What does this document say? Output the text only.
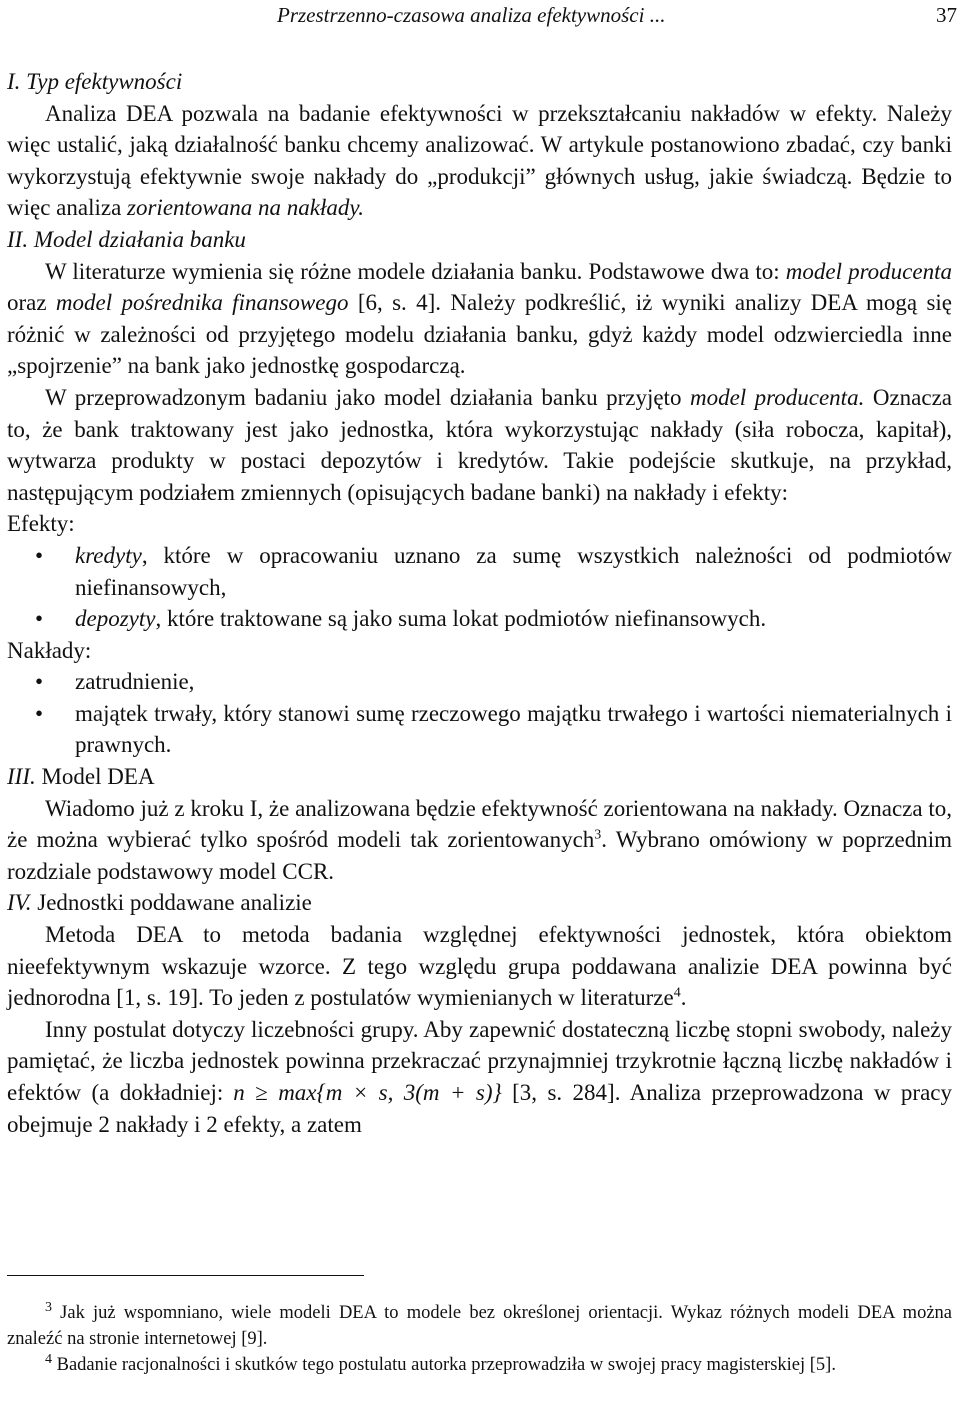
Przestrzenno-czasowa analiza efektywności ...	37

I. Typ efektywności

Analiza DEA pozwala na badanie efektywności w przekształcaniu nakładów w efekty. Należy więc ustalić, jaką działalność banku chcemy analizować. W artykule postanowiono zbadać, czy banki wykorzystują efektywnie swoje nakłady do „produkcji” głównych usług, jakie świadczą. Będzie to więc analiza zorientowana na nakłady.

II. Model działania banku

W literaturze wymienia się różne modele działania banku. Podstawowe dwa to: model producenta oraz model pośrednika finansowego [6, s. 4]. Należy podkreślić, iż wyniki analizy DEA mogą się różnić w zależności od przyjętego modelu działania banku, gdyż każdy model odzwierciedla inne „spojrzenie” na bank jako jednostkę gospodarczą.

W przeprowadzonym badaniu jako model działania banku przyjęto model producenta. Oznacza to, że bank traktowany jest jako jednostka, która wykorzystując nakłady (siła robocza, kapitał), wytwarza produkty w postaci depozytów i kredytów. Takie podejście skutkuje, na przykład, następującym podziałem zmiennych (opisujących badane banki) na nakłady i efekty:

Efekty:

• kredyty, które w opracowaniu uznano za sumę wszystkich należności od podmiotów niefinansowych,
• depozyty, które traktowane są jako suma lokat podmiotów niefinansowych.

Nakłady:

• zatrudnienie,
• majątek trwały, który stanowi sumę rzeczowego majątku trwałego i wartości niematerialnych i prawnych.

III. Model DEA

Wiadomo już z kroku I, że analizowana będzie efektywność zorientowana na nakłady. Oznacza to, że można wybierać tylko spośród modeli tak zorientowanych$^3$. Wybrano omówiony w poprzednim rozdziale podstawowy model CCR.

IV. Jednostki poddawane analizie

Metoda DEA to metoda badania względnej efektywności jednostek, która obiektom nieefektywnym wskazuje wzorce. Z tego względu grupa poddawana analizie DEA powinna być jednorodna [1, s. 19]. To jeden z postulatów wymienianych w literaturze$^4$.

Inny postulat dotyczy liczebności grupy. Aby zapewnić dostateczną liczbę stopni swobody, należy pamiętać, że liczba jednostek powinna przekraczać przynajmniej trzykrotnie łączną liczbę nakładów i efektów (a dokładniej: n ≥ max{m × s, 3(m + s)} [3, s. 284]. Analiza przeprowadzona w pracy obejmuje 2 nakłady i 2 efekty, a zatem

$^3$ Jak już wspomniano, wiele modeli DEA to modele bez określonej orientacji. Wykaz różnych modeli DEA można znaleźć na stronie internetowej [9].
$^4$ Badanie racjonalności i skutków tego postulatu autorka przeprowadziła w swojej pracy magisterskiej [5].
